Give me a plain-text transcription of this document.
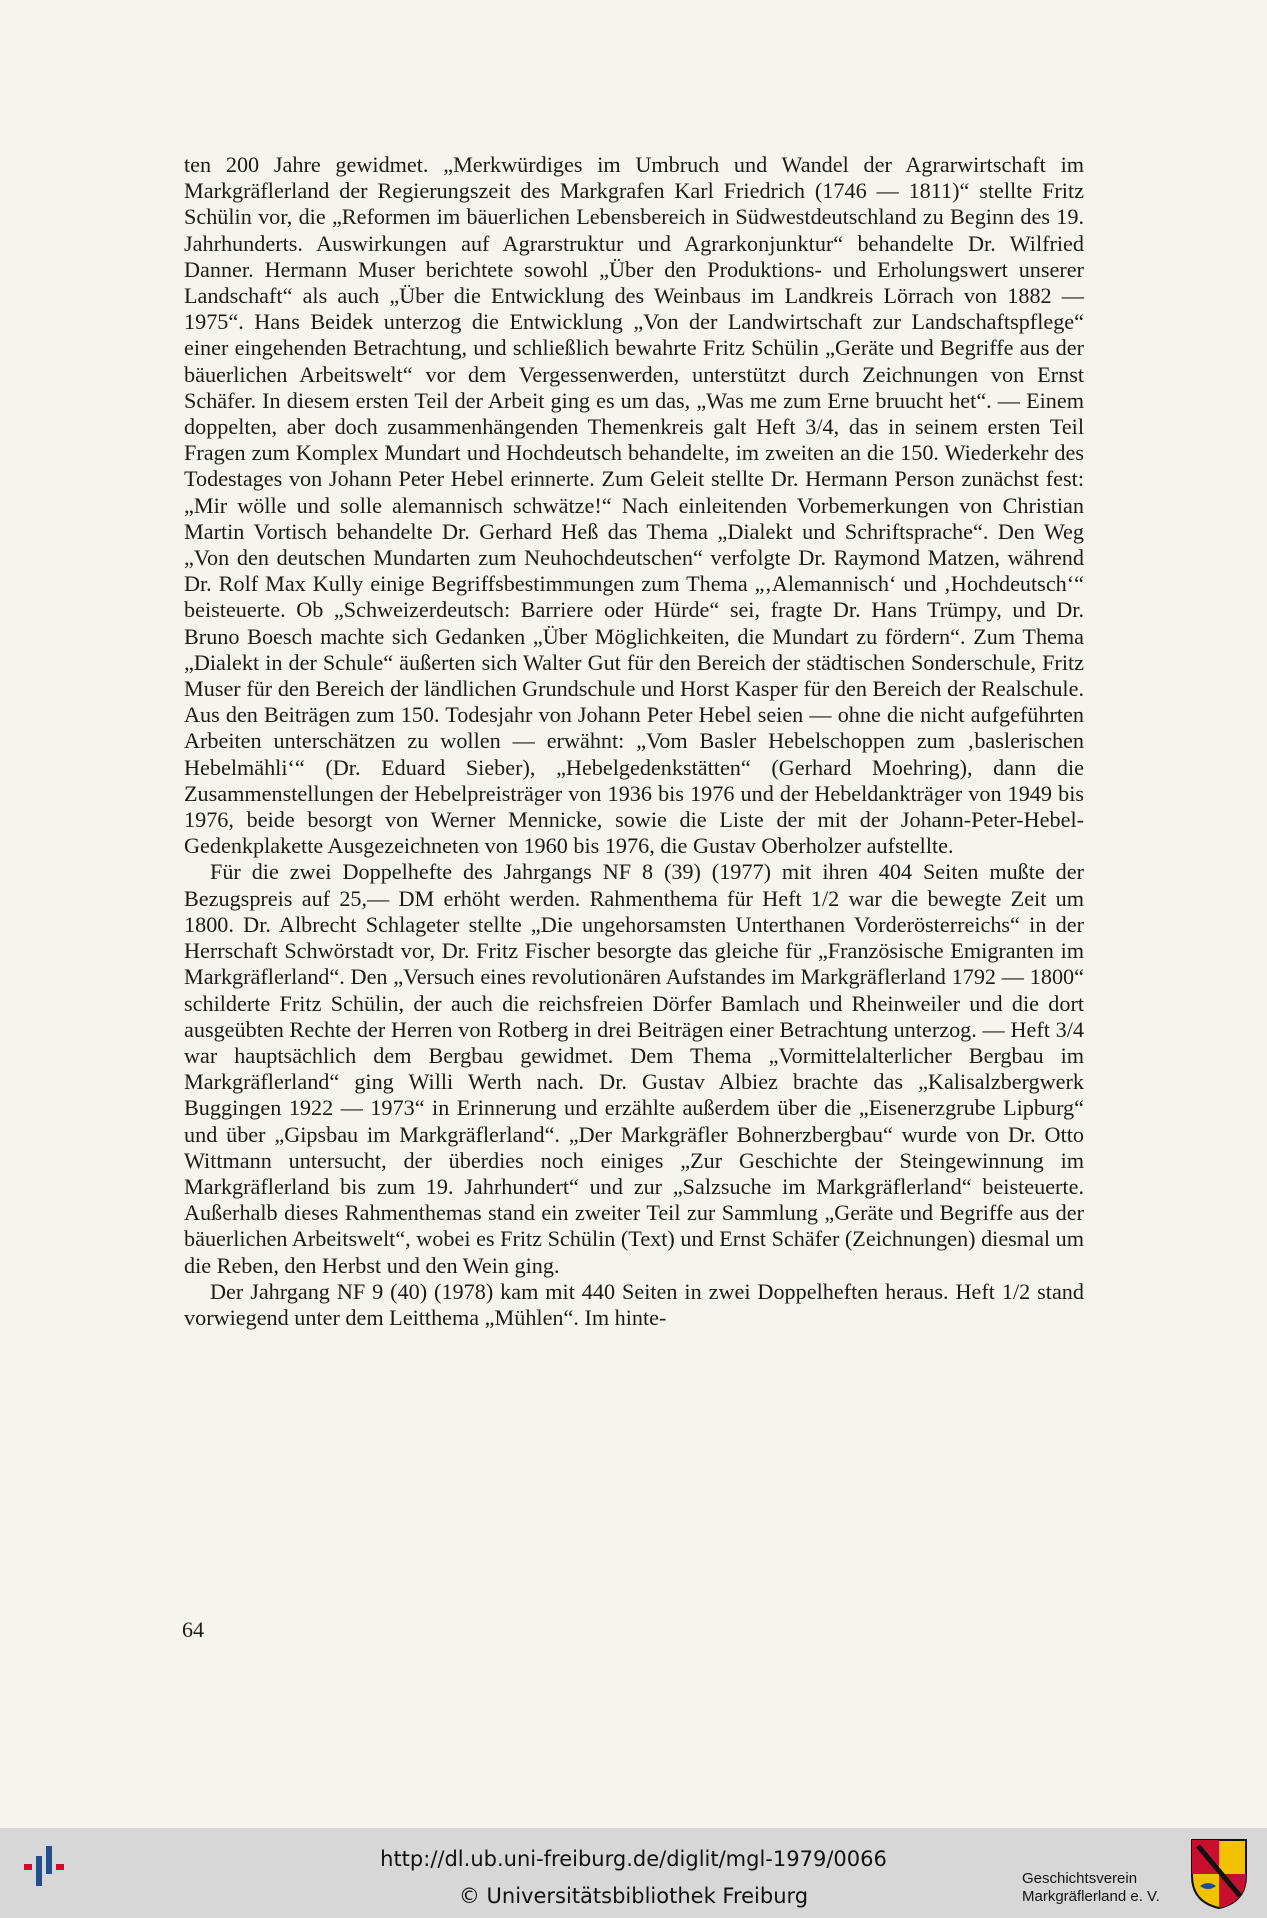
ten 200 Jahre gewidmet. „Merkwürdiges im Umbruch und Wandel der Agrarwirtschaft im Markgräflerland der Regierungszeit des Markgrafen Karl Friedrich (1746 — 1811)“ stellte Fritz Schülin vor, die „Reformen im bäuerlichen Lebensbereich in Südwestdeutschland zu Beginn des 19. Jahrhunderts. Auswirkungen auf Agrarstruktur und Agrarkonjunktur“ behandelte Dr. Wilfried Danner. Hermann Muser berichtete sowohl „Über den Produktions- und Erholungswert unserer Landschaft“ als auch „Über die Entwicklung des Weinbaus im Landkreis Lörrach von 1882 — 1975“. Hans Beidek unterzog die Entwicklung „Von der Landwirtschaft zur Landschaftspflege“ einer eingehenden Betrachtung, und schließlich bewahrte Fritz Schülin „Geräte und Begriffe aus der bäuerlichen Arbeitswelt“ vor dem Vergessenwerden, unterstützt durch Zeichnungen von Ernst Schäfer. In diesem ersten Teil der Arbeit ging es um das, „Was me zum Erne bruucht het“. — Einem doppelten, aber doch zusammenhängenden Themenkreis galt Heft 3/4, das in seinem ersten Teil Fragen zum Komplex Mundart und Hochdeutsch behandelte, im zweiten an die 150. Wiederkehr des Todestages von Johann Peter Hebel erinnerte. Zum Geleit stellte Dr. Hermann Person zunächst fest: „Mir wölle und solle alemannisch schwätze!“ Nach einleitenden Vorbemerkungen von Christian Martin Vortisch behandelte Dr. Gerhard Heß das Thema „Dialekt und Schriftsprache“. Den Weg „Von den deutschen Mundarten zum Neuhochdeutschen“ verfolgte Dr. Raymond Matzen, während Dr. Rolf Max Kully einige Begriffsbestimmungen zum Thema „‚Alemannisch‘ und ‚Hochdeutsch‘“ beisteuerte. Ob „Schweizerdeutsch: Barriere oder Hürde“ sei, fragte Dr. Hans Trümpy, und Dr. Bruno Boesch machte sich Gedanken „Über Möglichkeiten, die Mundart zu fördern“. Zum Thema „Dialekt in der Schule“ äußerten sich Walter Gut für den Bereich der städtischen Sonderschule, Fritz Muser für den Bereich der ländlichen Grundschule und Horst Kasper für den Bereich der Realschule. Aus den Beiträgen zum 150. Todesjahr von Johann Peter Hebel seien — ohne die nicht aufgeführten Arbeiten unterschätzen zu wollen — erwähnt: „Vom Basler Hebelschoppen zum ‚baslerischen Hebelmähli‘“ (Dr. Eduard Sieber), „Hebelgedenkstätten“ (Gerhard Moehring), dann die Zusammenstellungen der Hebelpreisträger von 1936 bis 1976 und der Hebeldankträger von 1949 bis 1976, beide besorgt von Werner Mennicke, sowie die Liste der mit der Johann-Peter-Hebel-Gedenkplakette Ausgezeichneten von 1960 bis 1976, die Gustav Oberholzer aufstellte.

Für die zwei Doppelhefte des Jahrgangs NF 8 (39) (1977) mit ihren 404 Seiten mußte der Bezugspreis auf 25,— DM erhöht werden. Rahmenthema für Heft 1/2 war die bewegte Zeit um 1800. Dr. Albrecht Schlageter stellte „Die ungehorsamsten Unterthanen Vorderösterreichs“ in der Herrschaft Schwörstadt vor, Dr. Fritz Fischer besorgte das gleiche für „Französische Emigranten im Markgräflerland“. Den „Versuch eines revolutionären Aufstandes im Markgräflerland 1792 — 1800“ schilderte Fritz Schülin, der auch die reichsfreien Dörfer Bamlach und Rheinweiler und die dort ausgeübten Rechte der Herren von Rotberg in drei Beiträgen einer Betrachtung unterzog. — Heft 3/4 war hauptsächlich dem Bergbau gewidmet. Dem Thema „Vormittelalterlicher Bergbau im Markgräflerland“ ging Willi Werth nach. Dr. Gustav Albiez brachte das „Kalisalzbergwerk Buggingen 1922 — 1973“ in Erinnerung und erzählte außerdem über die „Eisenerzgrube Lipburg“ und über „Gipsbau im Markgräflerland“. „Der Markgräfler Bohnerzbergbau“ wurde von Dr. Otto Wittmann untersucht, der überdies noch einiges „Zur Geschichte der Steingewinnung im Markgräflerland bis zum 19. Jahrhundert“ und zur „Salzsuche im Markgräflerland“ beisteuerte. Außerhalb dieses Rahmenthemas stand ein zweiter Teil zur Sammlung „Geräte und Begriffe aus der bäuerlichen Arbeitswelt“, wobei es Fritz Schülin (Text) und Ernst Schäfer (Zeichnungen) diesmal um die Reben, den Herbst und den Wein ging.

Der Jahrgang NF 9 (40) (1978) kam mit 440 Seiten in zwei Doppelheften heraus. Heft 1/2 stand vorwiegend unter dem Leitthema „Mühlen“. Im hinte-

64
http://dl.ub.uni-freiburg.de/diglit/mgl-1979/0066
© Universitätsbibliothek Freiburg
Geschichtsverein
Markgräflerland e. V.
